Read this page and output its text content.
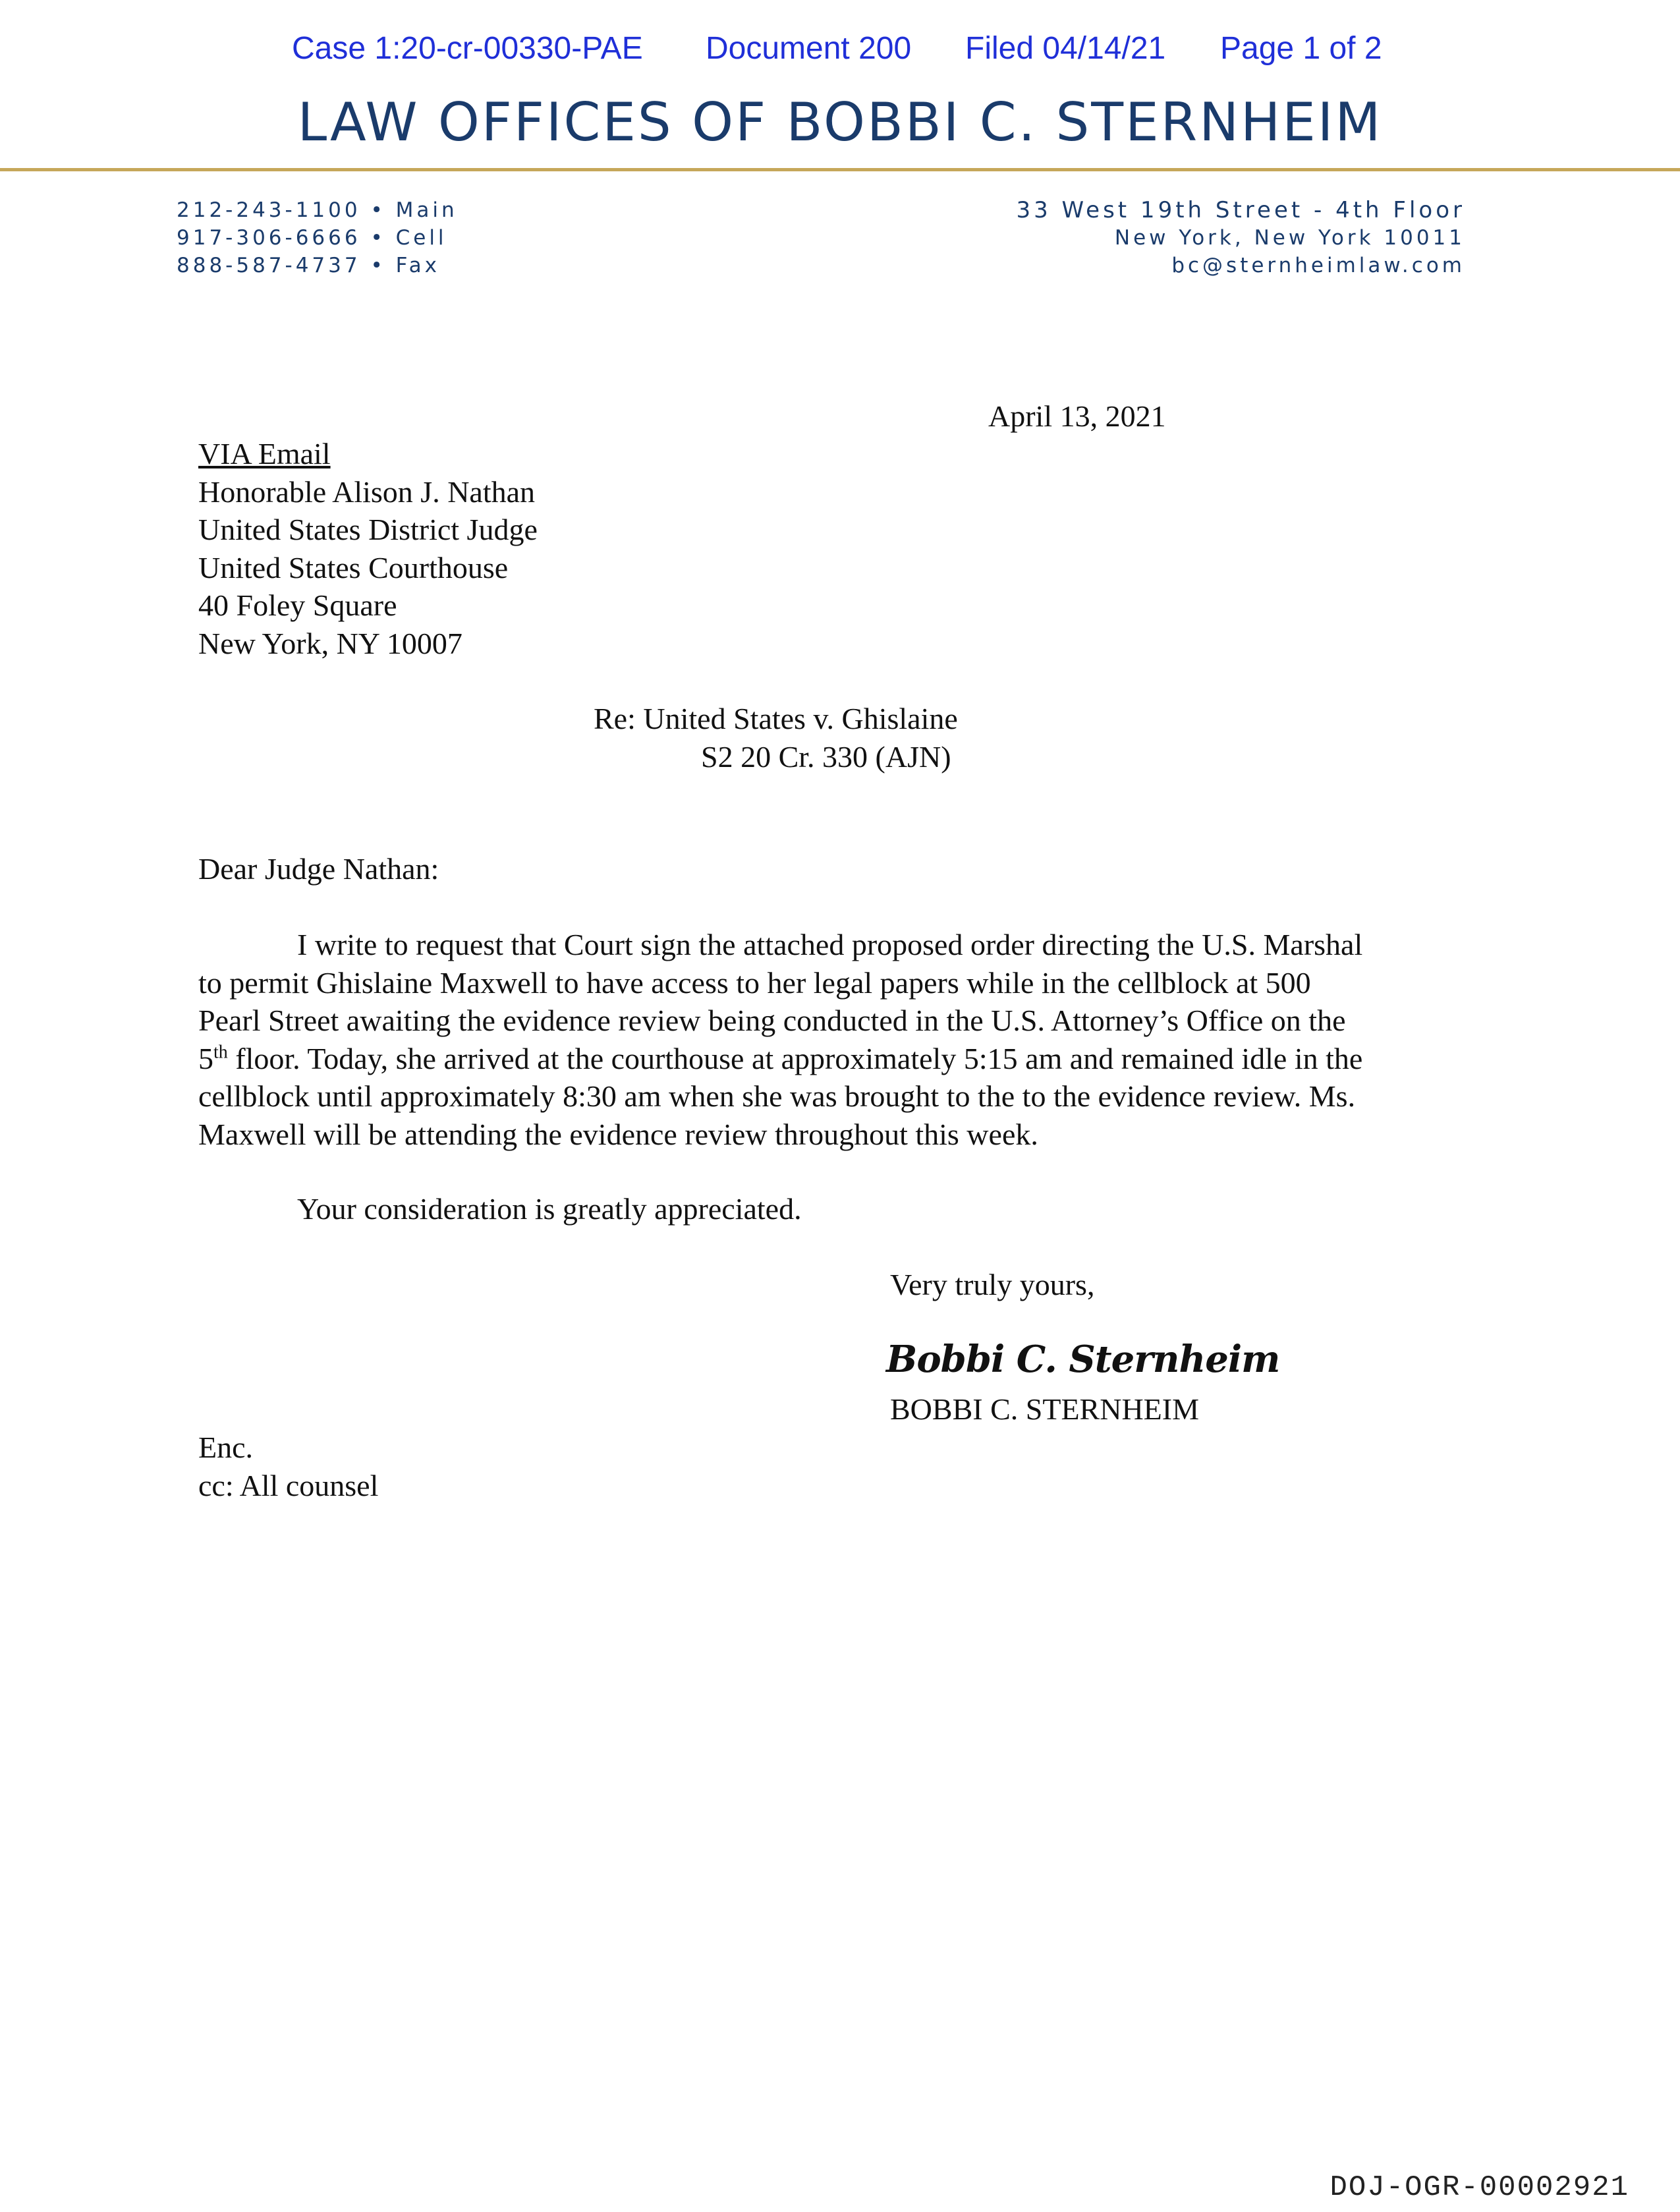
Case 1:20-cr-00330-PAE Document 200 Filed 04/14/21 Page 1 of 2
LAW OFFICES OF BOBBI C. STERNHEIM
212-243-1100 • Main
917-306-6666 • Cell
888-587-4737 • Fax
33 West 19th Street - 4th Floor
New York, New York 10011
bc@sternheimlaw.com
April 13, 2021
VIA Email
Honorable Alison J. Nathan
United States District Judge
United States Courthouse
40 Foley Square
New York, NY 10007
Re: United States v. Ghislaine
S2 20 Cr. 330 (AJN)
Dear Judge Nathan:
I write to request that Court sign the attached proposed order directing the U.S. Marshal
to permit Ghislaine Maxwell to have access to her legal papers while in the cellblock at 500
Pearl Street awaiting the evidence review being conducted in the U.S. Attorney’s Office on the
5th floor. Today, she arrived at the courthouse at approximately 5:15 am and remained idle in the
cellblock until approximately 8:30 am when she was brought to the to the evidence review. Ms.
Maxwell will be attending the evidence review throughout this week.
Your consideration is greatly appreciated.
Very truly yours,
Bobbi C. Sternheim
BOBBI C. STERNHEIM
Enc.
cc: All counsel
DOJ-OGR-00002921
